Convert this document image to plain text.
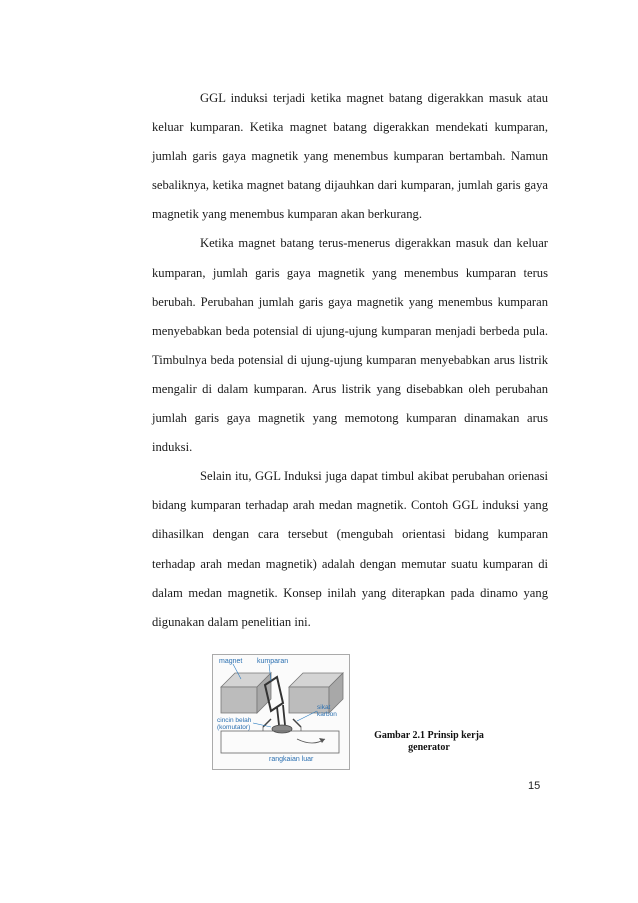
GGL induksi terjadi ketika magnet batang digerakkan masuk atau keluar kumparan. Ketika magnet batang digerakkan mendekati kumparan, jumlah garis gaya magnetik yang menembus kumparan bertambah. Namun sebaliknya, ketika magnet batang dijauhkan dari kumparan, jumlah garis gaya magnetik yang menembus kumparan akan berkurang.

Ketika magnet batang terus-menerus digerakkan masuk dan keluar kumparan, jumlah garis gaya magnetik yang menembus kumparan terus berubah. Perubahan jumlah garis gaya magnetik yang menembus kumparan menyebabkan beda potensial di ujung-ujung kumparan menjadi berbeda pula. Timbulnya beda potensial di ujung-ujung kumparan menyebabkan arus listrik mengalir di dalam kumparan. Arus listrik yang disebabkan oleh perubahan jumlah garis gaya magnetik yang memotong kumparan dinamakan arus induksi.

Selain itu, GGL Induksi juga dapat timbul akibat perubahan orienasi bidang kumparan terhadap arah medan magnetik. Contoh GGL induksi yang dihasilkan dengan cara tersebut (mengubah orientasi bidang kumparan terhadap arah medan magnetik) adalah dengan memutar suatu kumparan di dalam medan magnetik. Konsep inilah yang diterapkan pada dinamo yang digunakan dalam penelitian ini.

magnet kumparan
sikat
karbon
cincin belah
(komutator)
rangkaian luar
Gambar 2.1 Prinsip kerja
generator
15
